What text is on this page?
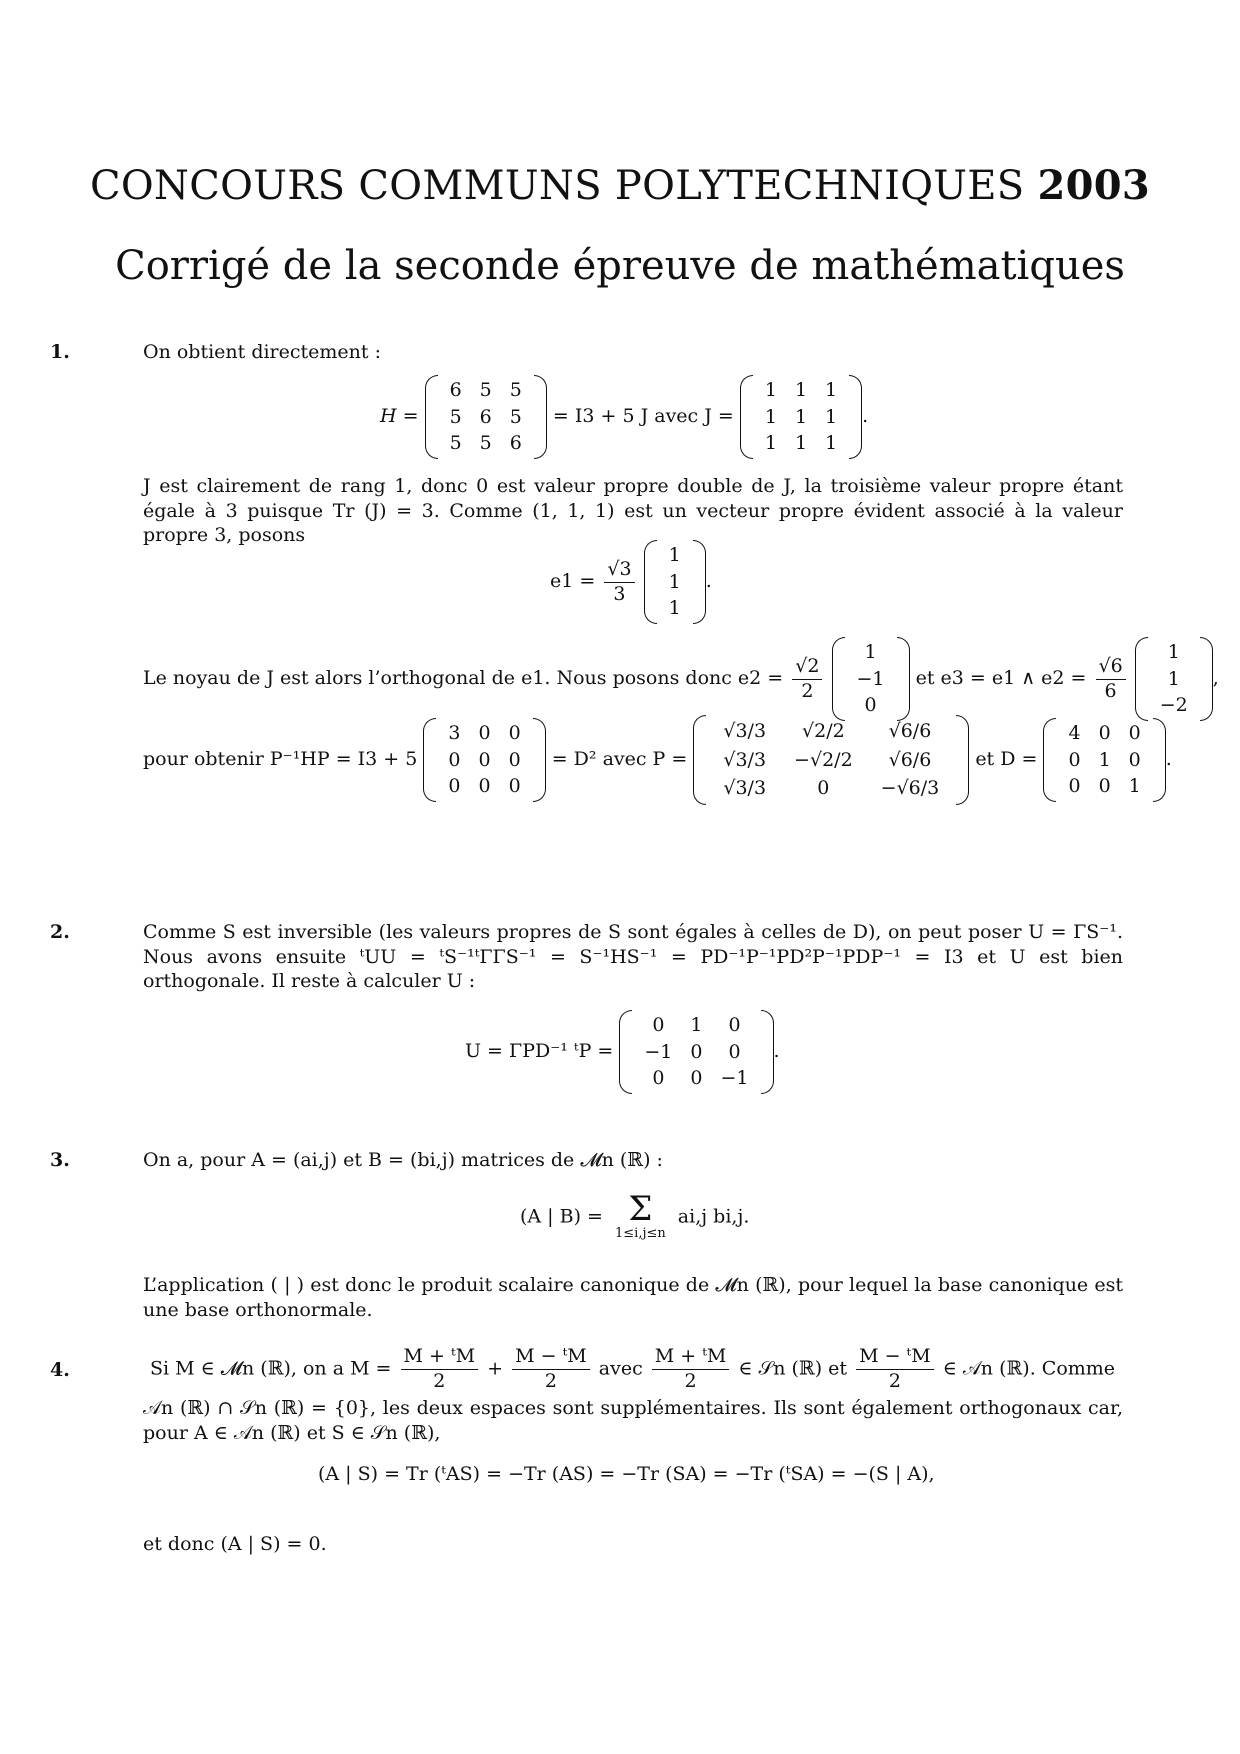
CONCOURS COMMUNS POLYTECHNIQUES 2003
Corrigé de la seconde épreuve de mathématiques
1.	On obtient directement :
H =
6	5	5
5	6	5
5	5	6
= I3 + 5 J avec J =
1	1	1
1	1	1
1	1	1
.
J est clairement de rang 1, donc 0 est valeur propre double de J, la troisième valeur propre étant égale à 3 puisque Tr (J) = 3. Comme (1, 1, 1) est un vecteur propre évident associé à la valeur propre 3, posons
$e1 = \frac{√3}{3}$

1
1
1
.
Le noyau de J est alors l’orthogonal de e1. Nous posons donc $e2 = \frac{√2}{2}$

1
−1
0
et e3 = e1 ∧ $e2 = \frac{√6}{6}$

1
1
−2
,
pour obtenir P⁻¹HP = I3 + 5
3	0	0
0	0	0
0	0	0
= D² avec P =
√3/3	√2/2	√6/6
√3/3	−√2/2	√6/6
√3/3	0	−√6/3
et D =
4	0	0
0	1	0
0	0	1
.
2.	Comme S est inversible (les valeurs propres de S sont égales à celles de D), on peut poser U = ΓS⁻¹. Nous avons ensuite ᵗUU = ᵗS⁻¹ᵗΓΓS⁻¹ = S⁻¹HS⁻¹ = PD⁻¹P⁻¹PD²P⁻¹PDP⁻¹ = I3 et U est bien orthogonale. Il reste à calculer U :
U = ΓPD⁻¹ ᵗP =
0	1	0
−1	0	0
0	0	−1
.
3.	On a, pour A = (ai,j) et B = (bi,j) matrices de 𝓜n (ℝ) :
(A | B) = Σ
1≤i,j≤n
ai,j bi,j.
L’application ( | ) est donc le produit scalaire canonique de 𝓜n (ℝ), pour lequel la base canonique est une base orthonormale.
4.	Si M ∈ 𝓜n (ℝ), on a $M = \frac{\text{M + ᵗM}}{2} + \frac{\text{M − ᵗM}}{2}$ avec $\frac{\text{M + ᵗM}}{2}$ ∈ 𝒮n (ℝ) et $\frac{\text{M − ᵗM}}{2}$ ∈ 𝒜n (ℝ). Comme
𝒜n (ℝ) ∩ 𝒮n (ℝ) = {0}, les deux espaces sont supplémentaires. Ils sont également orthogonaux car, pour A ∈ 𝒜n (ℝ) et S ∈ 𝒮n (ℝ),
(A | S) = Tr (ᵗAS) = −Tr (AS) = −Tr (SA) = −Tr (ᵗSA) = −(S | A),
et donc (A | S) = 0.
